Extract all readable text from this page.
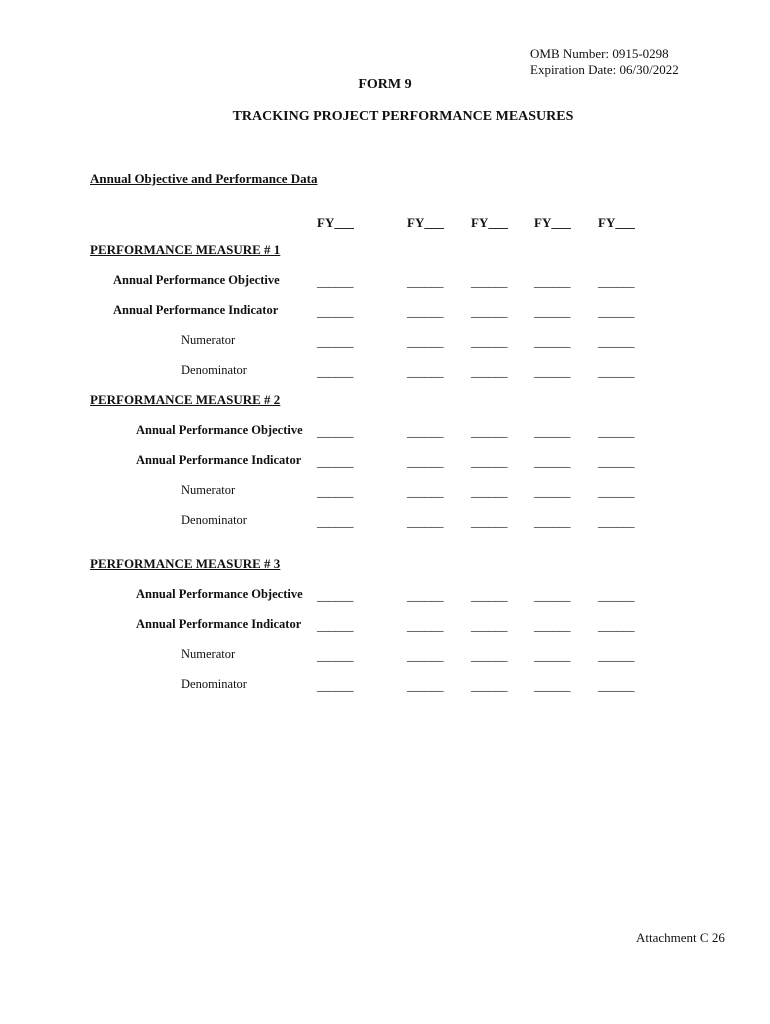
OMB Number: 0915-0298
Expiration Date: 06/30/2022
FORM 9
TRACKING PROJECT PERFORMANCE MEASURES
Annual Objective and Performance Data
FY___	FY___ FY___ FY___ FY___
PERFORMANCE MEASURE # 1
Annual Performance Objective	______	______ ______ ______ ______
Annual Performance Indicator	______	______ ______ ______ ______
Numerator	______	______ ______ ______ ______
Denominator	______	______ ______ ______ ______
PERFORMANCE MEASURE # 2
Annual Performance Objective ______	______ ______ ______ ______
Annual Performance Indicator ______	______ ______ ______ ______
Numerator	______	______ ______ ______ ______
Denominator	______	______ ______ ______ ______
PERFORMANCE MEASURE # 3
Annual Performance Objective ______	______ ______ ______ ______
Annual Performance Indicator ______	______ ______ ______ ______
Numerator	______	______ ______ ______ ______
Denominator	______	______ ______ ______ ______
Attachment C 26
